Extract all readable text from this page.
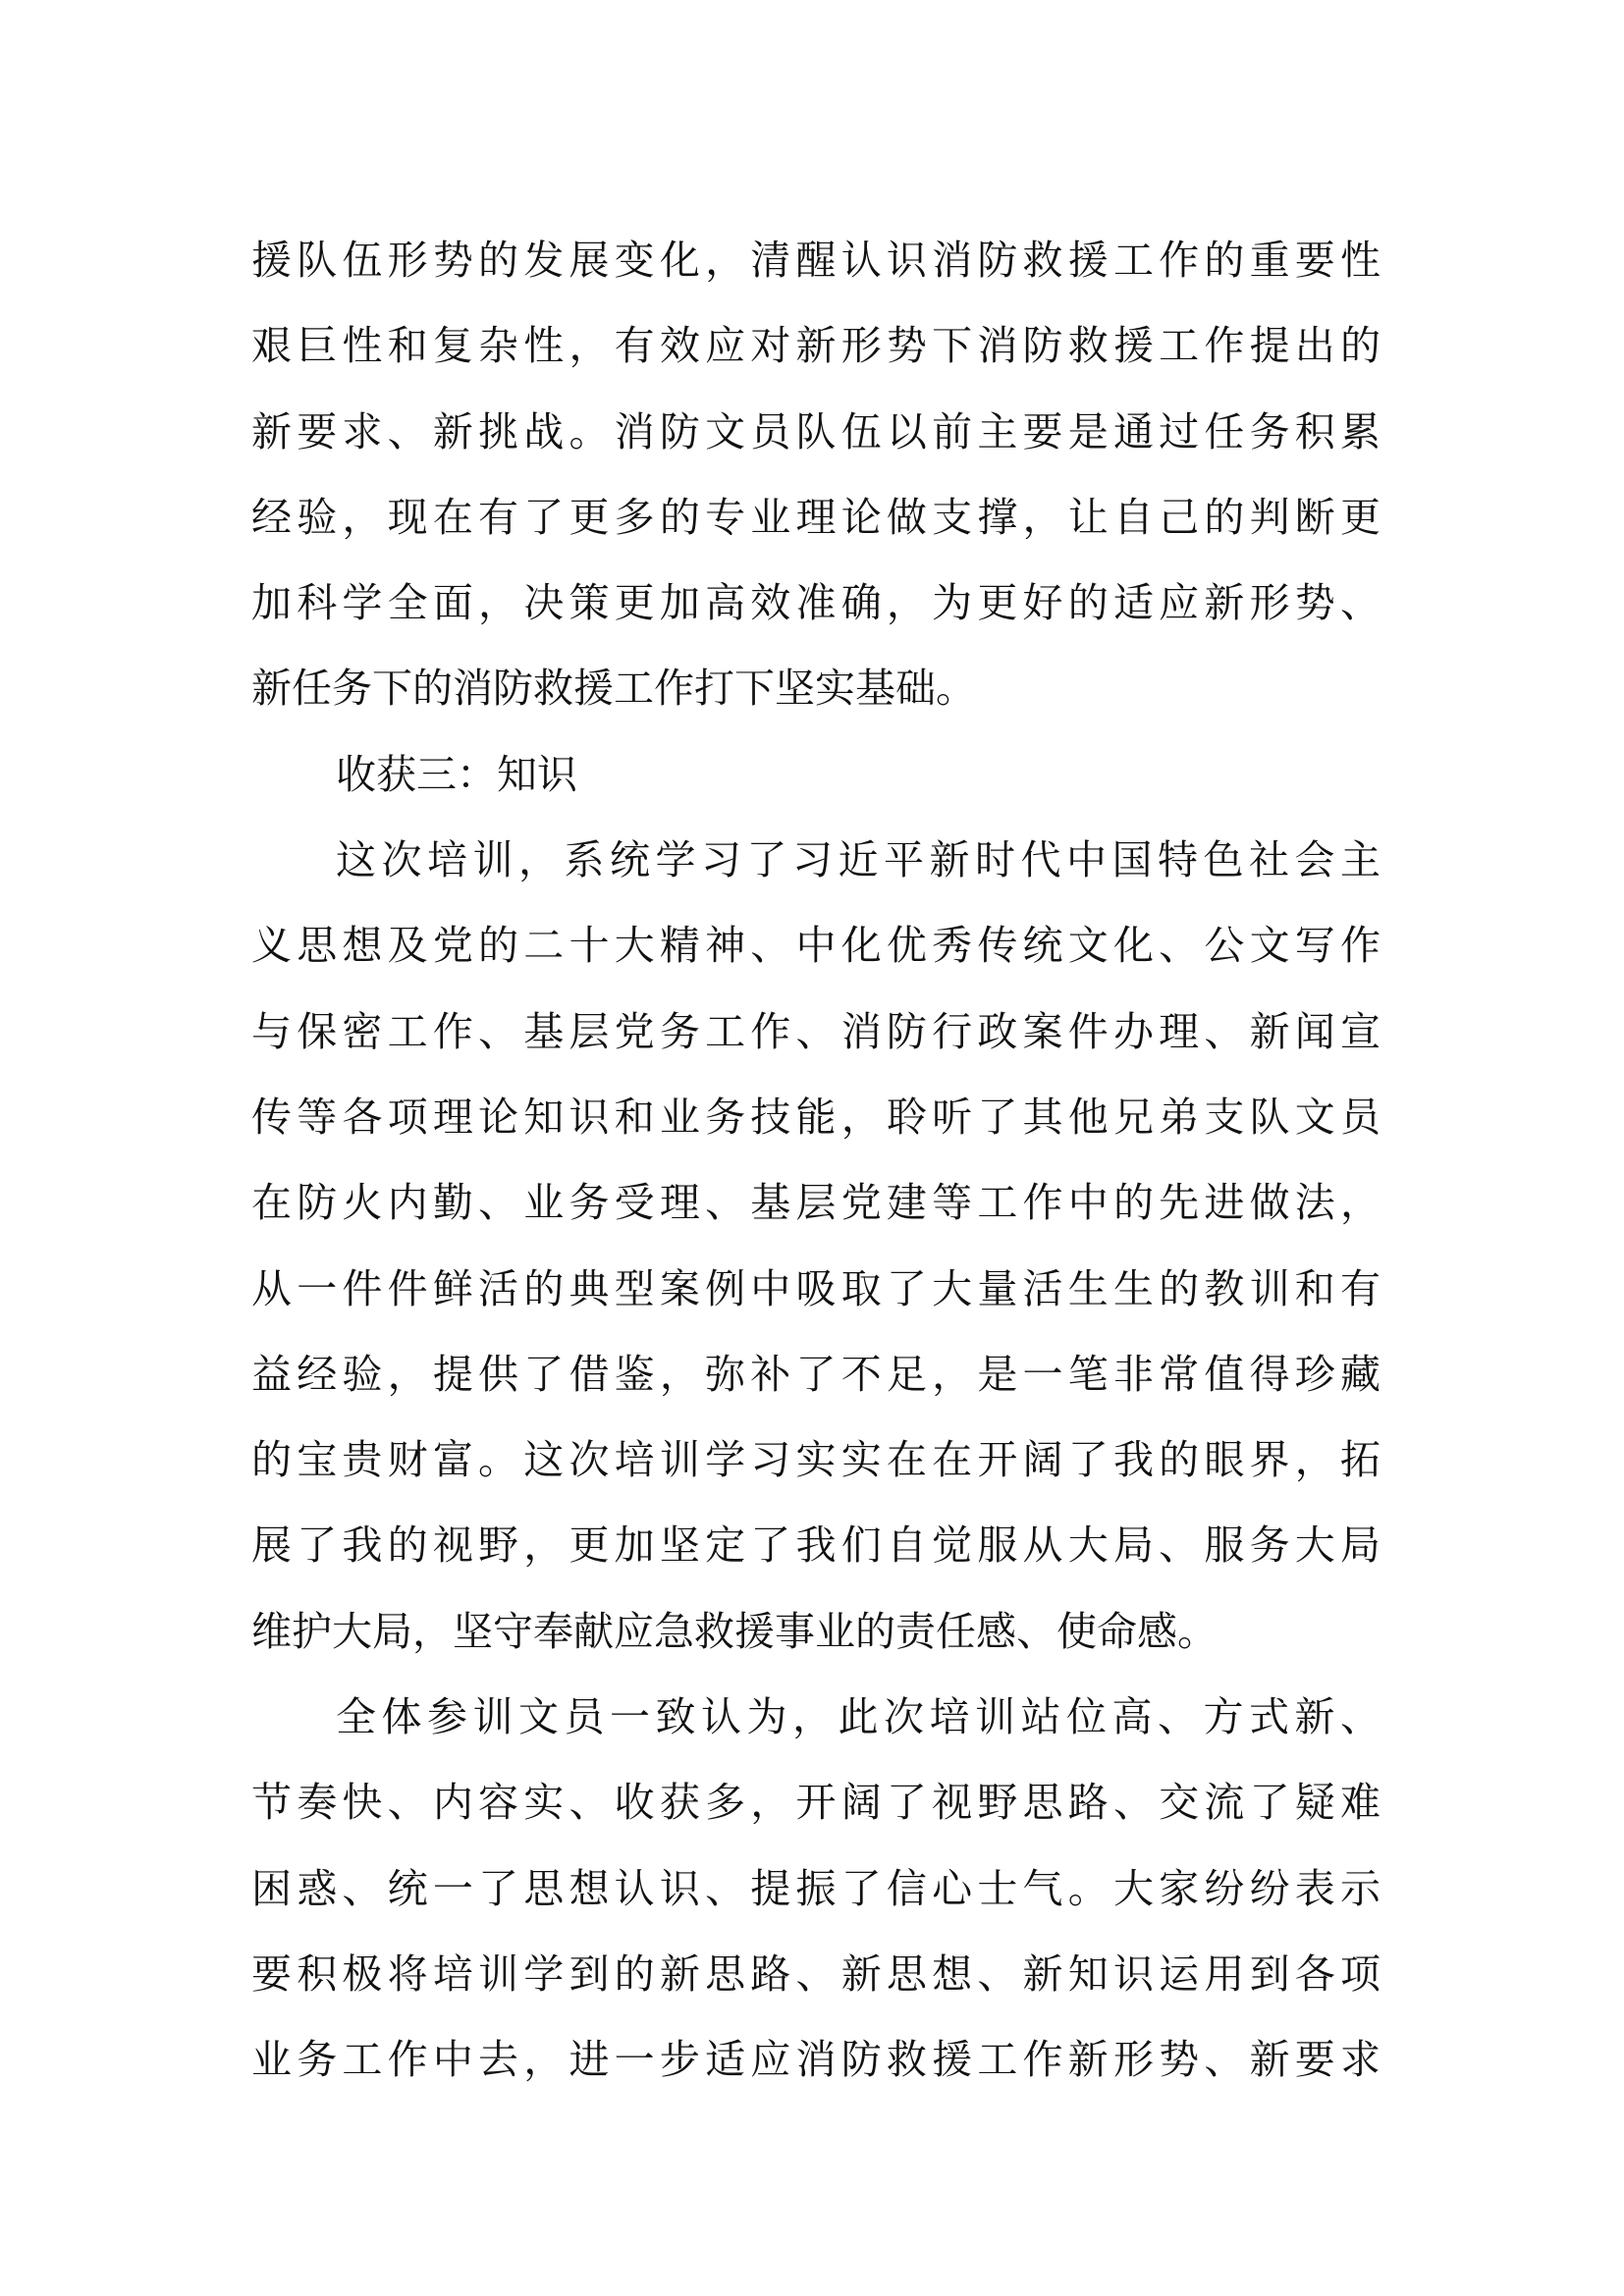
援队伍形势的发展变化，清醒认识消防救援工作的重要性
艰巨性和复杂性，有效应对新形势下消防救援工作提出的
新要求、新挑战。消防文员队伍以前主要是通过任务积累
经验，现在有了更多的专业理论做支撑，让自己的判断更
加科学全面，决策更加高效准确，为更好的适应新形势、
新任务下的消防救援工作打下坚实基础。
收获三：知识
这次培训，系统学习了习近平新时代中国特色社会主
义思想及党的二十大精神、中化优秀传统文化、公文写作
与保密工作、基层党务工作、消防行政案件办理、新闻宣
传等各项理论知识和业务技能，聆听了其他兄弟支队文员
在防火内勤、业务受理、基层党建等工作中的先进做法，
从一件件鲜活的典型案例中吸取了大量活生生的教训和有
益经验，提供了借鉴，弥补了不足，是一笔非常值得珍藏
的宝贵财富。这次培训学习实实在在开阔了我的眼界，拓
展了我的视野，更加坚定了我们自觉服从大局、服务大局
维护大局，坚守奉献应急救援事业的责任感、使命感。
全体参训文员一致认为，此次培训站位高、方式新、
节奏快、内容实、收获多，开阔了视野思路、交流了疑难
困惑、统一了思想认识、提振了信心士气。大家纷纷表示
要积极将培训学到的新思路、新思想、新知识运用到各项
业务工作中去，进一步适应消防救援工作新形势、新要求
